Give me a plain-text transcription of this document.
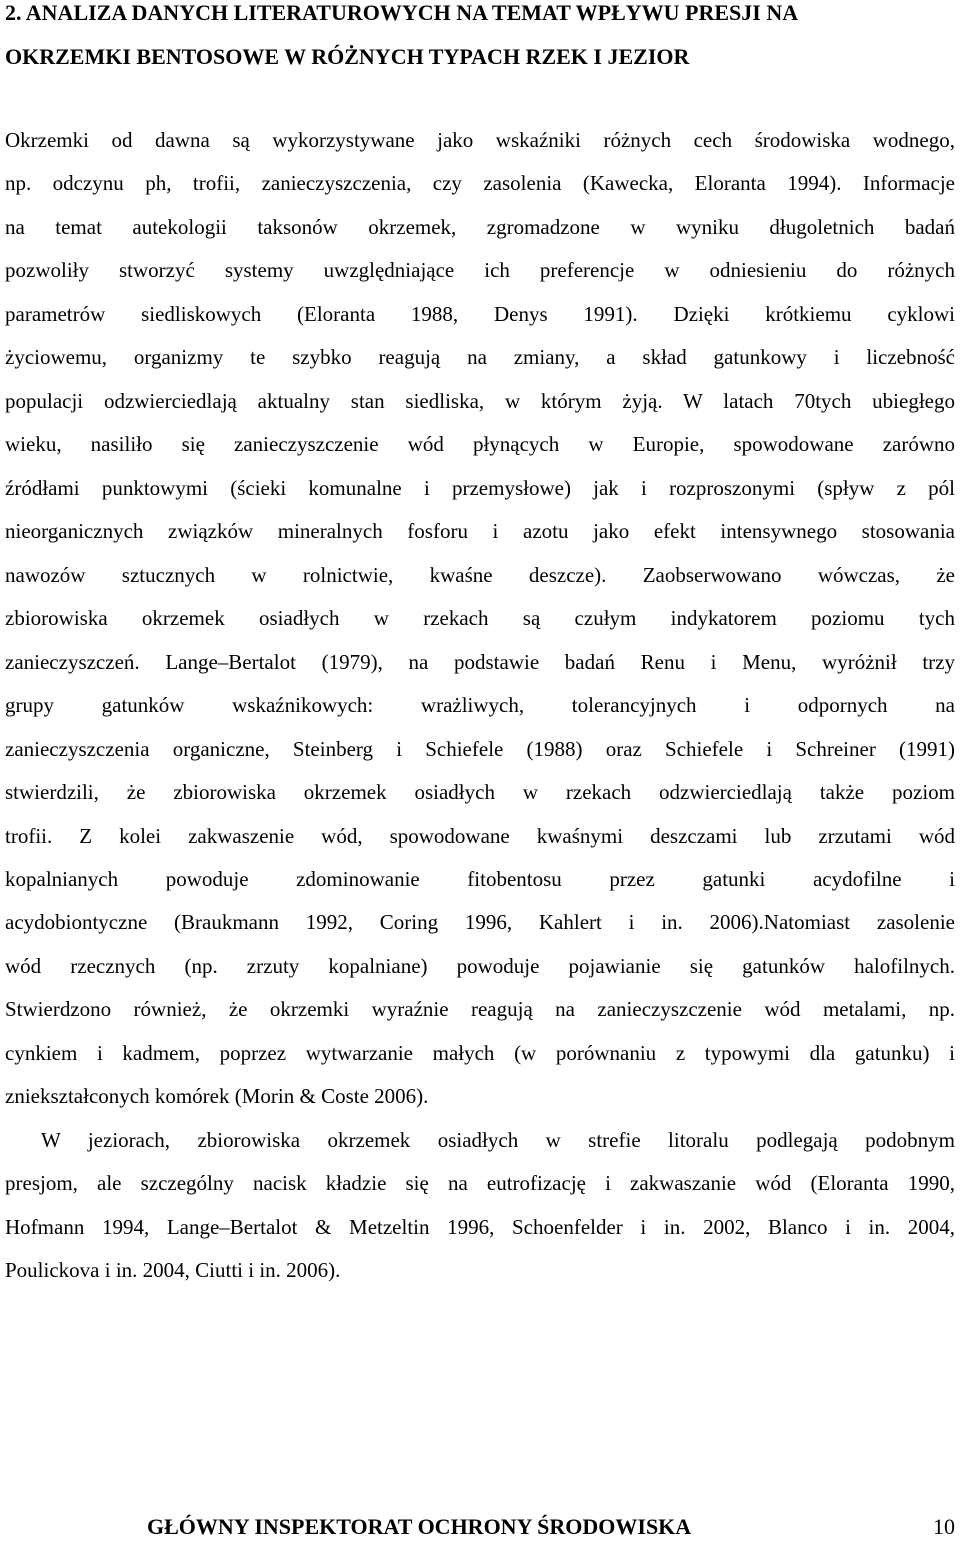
2. ANALIZA DANYCH LITERATUROWYCH NA TEMAT WPŁYWU PRESJI NA
OKRZEMKI BENTOSOWE W RÓŻNYCH TYPACH RZEK I JEZIOR
Okrzemki od dawna są wykorzystywane jako wskaźniki różnych cech środowiska wodnego,
np. odczynu ph, trofii, zanieczyszczenia, czy zasolenia (Kawecka, Eloranta 1994). Informacje
na temat autekologii taksonów okrzemek, zgromadzone w wyniku długoletnich badań
pozwoliły stworzyć systemy uwzględniające ich preferencje w odniesieniu do różnych
parametrów siedliskowych (Eloranta 1988, Denys 1991). Dzięki krótkiemu cyklowi
życiowemu, organizmy te szybko reagują na zmiany, a skład gatunkowy i liczebność
populacji odzwierciedlają aktualny stan siedliska, w którym żyją. W latach 70tych ubiegłego
wieku, nasiliło się zanieczyszczenie wód płynących w Europie, spowodowane zarówno
źródłami punktowymi (ścieki komunalne i przemysłowe) jak i rozproszonymi (spływ z pól
nieorganicznych związków mineralnych fosforu i azotu jako efekt intensywnego stosowania
nawozów sztucznych w rolnictwie, kwaśne deszcze). Zaobserwowano wówczas, że
zbiorowiska okrzemek osiadłych w rzekach są czułym indykatorem poziomu tych
zanieczyszczeń. Lange–Bertalot (1979), na podstawie badań Renu i Menu, wyróżnił trzy
grupy gatunków wskaźnikowych: wrażliwych, tolerancyjnych i odpornych na
zanieczyszczenia organiczne, Steinberg i Schiefele (1988) oraz Schiefele i Schreiner (1991)
stwierdzili, że zbiorowiska okrzemek osiadłych w rzekach odzwierciedlają także poziom
trofii. Z kolei zakwaszenie wód, spowodowane kwaśnymi deszczami lub zrzutami wód
kopalnianych powoduje zdominowanie fitobentosu przez gatunki acydofilne i
acydobiontyczne (Braukmann 1992, Coring 1996, Kahlert i in. 2006).Natomiast zasolenie
wód rzecznych (np. zrzuty kopalniane) powoduje pojawianie się gatunków halofilnych.
Stwierdzono również, że okrzemki wyraźnie reagują na zanieczyszczenie wód metalami, np.
cynkiem i kadmem, poprzez wytwarzanie małych (w porównaniu z typowymi dla gatunku) i
zniekształconych komórek (Morin & Coste 2006).
W jeziorach, zbiorowiska okrzemek osiadłych w strefie litoralu podlegają podobnym
presjom, ale szczególny nacisk kładzie się na eutrofizację i zakwaszanie wód (Eloranta 1990,
Hofmann 1994, Lange–Bertalot & Metzeltin 1996, Schoenfelder i in. 2002, Blanco i in. 2004,
Poulickova i in. 2004, Ciutti i in. 2006).
GŁÓWNY INSPEKTORAT OCHRONY ŚRODOWISKA	10
